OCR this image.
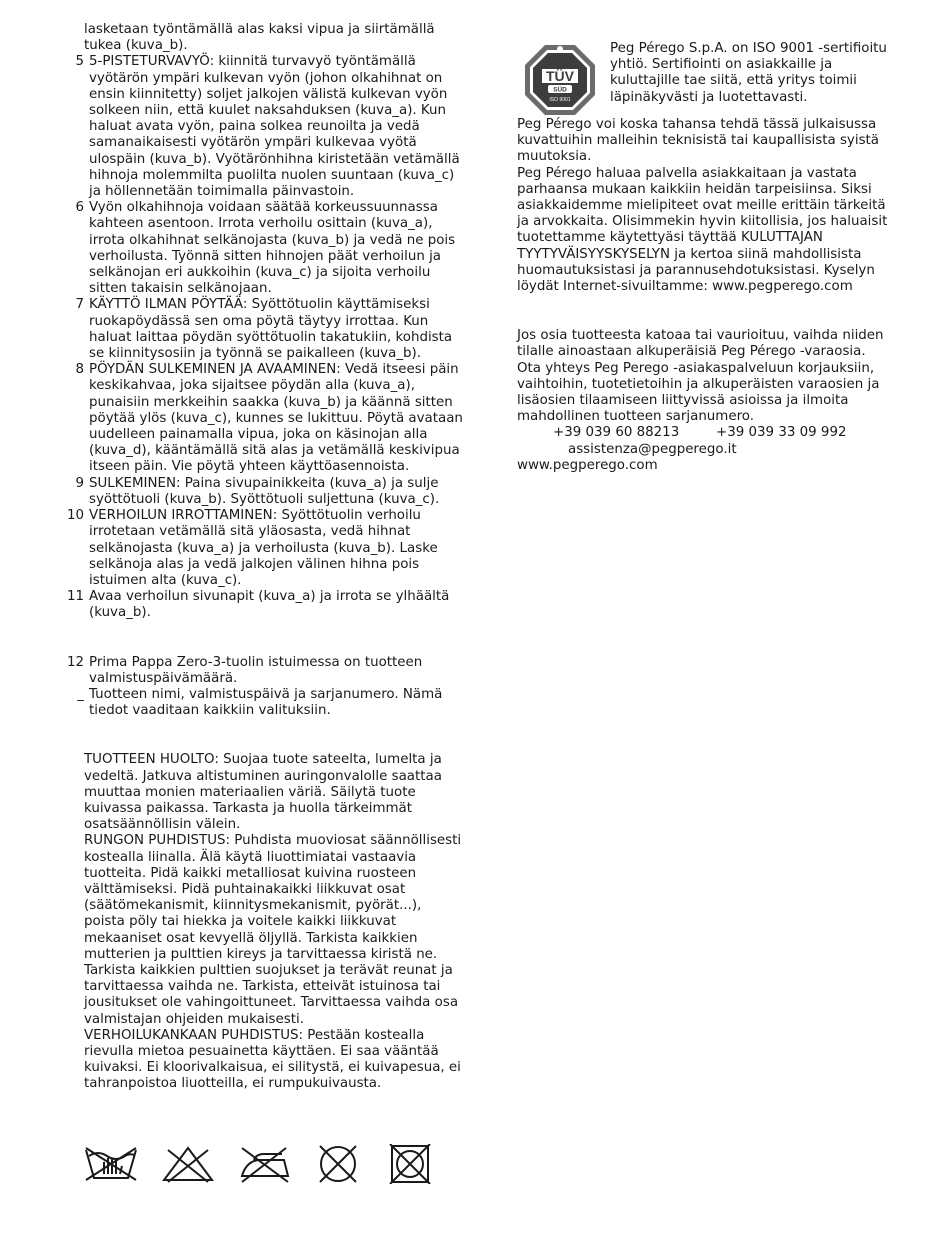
lasketaan työntämällä alas kaksi vipua ja siirtämällä tukea (kuva_b).
5 5-PISTETURVAVYÖ: kiinnitä turvavyö työntämällä vyötärön ympäri kulkevan vyön (johon olkahihnat on ensin kiinnitetty) soljet jalkojen välistä kulkevan vyön solkeen niin, että kuulet naksahduksen (kuva_a). Kun haluat avata vyön, paina solkea reunoilta ja vedä samanaikaisesti vyötärön ympäri kulkevaa vyötä ulospäin (kuva_b). Vyötärönhihna kiristetään vetämällä hihnoja molemmilta puolilta nuolen suuntaan (kuva_c) ja höllennetään toimimalla päinvastoin.
6 Vyön olkahihnoja voidaan säätää korkeussuunnassa kahteen asentoon. Irrota verhoilu osittain (kuva_a), irrota olkahihnat selkänojasta (kuva_b) ja vedä ne pois verhoilusta. Työnnä sitten hihnojen päät verhoilun ja selkänojan eri aukkoihin (kuva_c) ja sijoita verhoilu sitten takaisin selkänojaan.
7 KÄYTTÖ ILMAN PÖYTÄÄ: Syöttötuolin käyttämiseksi ruokapöydässä sen oma pöytä täytyy irrottaa. Kun haluat laittaa pöydän syöttötuolin takatukiin, kohdista se kiinnitysosiin ja työnnä se paikalleen (kuva_b).
8 PÖYDÄN SULKEMINEN JA AVAAMINEN: Vedä itseesi päin keskikahvaa, joka sijaitsee pöydän alla (kuva_a), punaisiin merkkeihin saakka (kuva_b) ja käännä sitten pöytää ylös (kuva_c), kunnes se lukittuu. Pöytä avataan uudelleen painamalla vipua, joka on käsinojan alla (kuva_d), kääntämällä sitä alas ja vetämällä keskivipua itseen päin. Vie pöytä yhteen käyttöasennoista.
9 SULKEMINEN: Paina sivupainikkeita (kuva_a) ja sulje syöttötuoli (kuva_b). Syöttötuoli suljettuna (kuva_c).
10 VERHOILUN IRROTTAMINEN: Syöttötuolin verhoilu irrotetaan vetämällä sitä yläosasta, vedä hihnat selkänojasta (kuva_a) ja verhoilusta (kuva_b). Laske selkänoja alas ja vedä jalkojen välinen hihna pois istuimen alta (kuva_c).
11 Avaa verhoilun sivunapit (kuva_a) ja irrota se ylhäältä (kuva_b).
12 Prima Pappa Zero-3-tuolin istuimessa on tuotteen valmistuspäivämäärä.
_ Tuotteen nimi, valmistuspäivä ja sarjanumero. Nämä tiedot vaaditaan kaikkiin valituksiin.
TUOTTEEN HUOLTO: Suojaa tuote sateelta, lumelta ja vedeltä. Jatkuva altistuminen auringonvalolle saattaa muuttaa monien materiaalien väriä. Säilytä tuote kuivassa paikassa. Tarkasta ja huolla tärkeimmät osatsäännöllisin välein.
RUNGON PUHDISTUS: Puhdista muoviosat säännöllisesti kostealla liinalla. Älä käytä liuottimiatai vastaavia tuotteita. Pidä kaikki metalliosat kuivina ruosteen välttämiseksi. Pidä puhtainakaikki liikkuvat osat (säätömekanismit, kiinnitysmekanismit, pyörät...), poista pöly tai hiekka ja voitele kaikki liikkuvat mekaaniset osat kevyellä öljyllä. Tarkista kaikkien mutterien ja pulttien kireys ja tarvittaessa kiristä ne. Tarkista kaikkien pulttien suojukset ja terävät reunat ja tarvittaessa vaihda ne. Tarkista, etteivät istuinosa tai jousitukset ole vahingoittuneet. Tarvittaessa vaihda osa valmistajan ohjeiden mukaisesti.
VERHOILUKANKAAN PUHDISTUS: Pestään kostealla rievulla mietoa pesuainetta käyttäen. Ei saa vääntää kuivaksi. Ei kloorivalkaisua, ei silitystä, ei kuivapesua, ei tahranpoistoa liuotteilla, ei rumpukuivausta.
TÜV
SÜD
ISO 9001
Peg Pérego S.p.A. on ISO 9001 -sertifioitu yhtiö. Sertifiointi on asiakkaille ja kuluttajille tae siitä, että yritys toimii läpinäkyvästi ja luotettavasti.
Peg Pérego voi koska tahansa tehdä tässä julkaisussa kuvattuihin malleihin teknisistä tai kaupallisista syistä muutoksia.
Peg Pérego haluaa palvella asiakkaitaan ja vastata parhaansa mukaan kaikkiin heidän tarpeisiinsa. Siksi asiakkaidemme mielipiteet ovat meille erittäin tärkeitä ja arvokkaita. Olisimmekin hyvin kiitollisia, jos haluaisit tuotettamme käytettyäsi täyttää KULUTTAJAN TYYTYVÄISYYSKYSELYN ja kertoa siinä mahdollisista huomautuksistasi ja parannusehdotuksistasi. Kyselyn löydät Internet-sivuiltamme: www.pegperego.com
Jos osia tuotteesta katoaa tai vaurioituu, vaihda niiden tilalle ainoastaan alkuperäisiä Peg Pérego -varaosia. Ota yhteys Peg Perego -asiakaspalveluun korjauksiin, vaihtoihin, tuotetietoihin ja alkuperäisten varaosien ja lisäosien tilaamiseen liittyvissä asioissa ja ilmoita mahdollinen tuotteen sarjanumero.
+39 039 60 88213	+39 039 33 09 992
assistenza@pegperego.it
www.pegperego.com
